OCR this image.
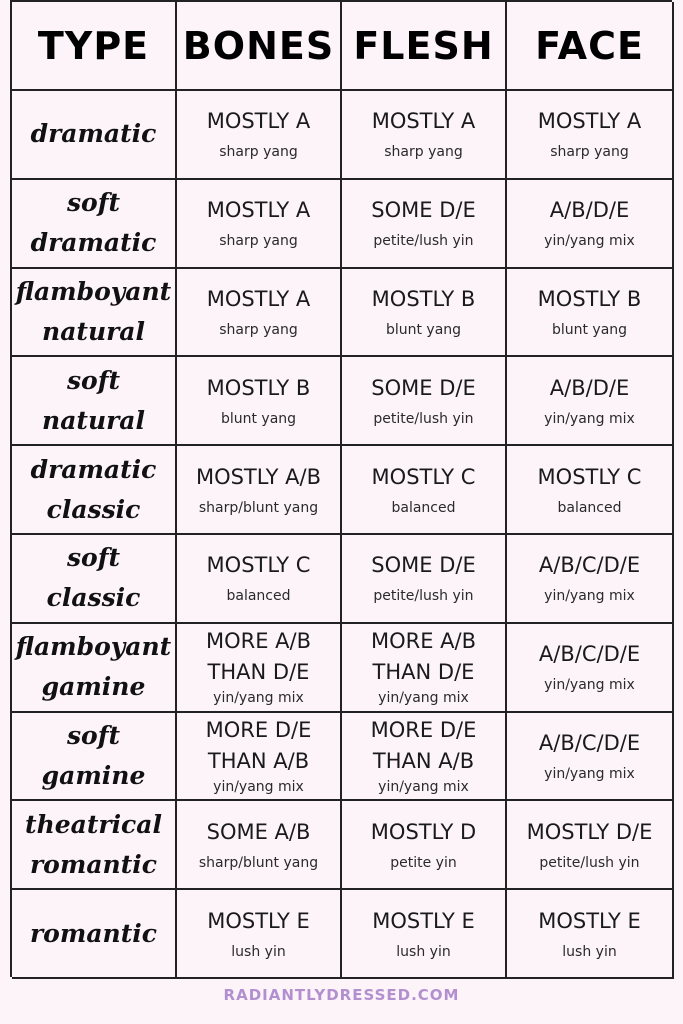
TYPE BONES FLESH	FACE
dramatic MOSTLY A
sharp yang
MOSTLY A
sharp yang
MOSTLY A
sharp yang
soft
dramatic
MOSTLY A
sharp yang
SOME D/E
petite/lush yin
A/B/D/E
yin/yang mix
flamboyant
natural
MOSTLY A
sharp yang
MOSTLY B
blunt yang
MOSTLY B
blunt yang
soft
natural
MOSTLY B
blunt yang
SOME D/E
petite/lush yin
A/B/D/E
yin/yang mix
dramatic
classic
MOSTLY A/B
sharp/blunt yang
MOSTLY C
balanced
MOSTLY C
balanced
soft
classic
MOSTLY C
balanced
SOME D/E
petite/lush yin
A/B/C/D/E
yin/yang mix
flamboyant
gamine
MORE A/B
THAN D/E
yin/yang mix
MORE A/B
THAN D/E
yin/yang mix
A/B/C/D/E
yin/yang mix
soft
gamine
MORE D/E
THAN A/B
yin/yang mix
MORE D/E
THAN A/B
yin/yang mix
A/B/C/D/E
yin/yang mix
theatrical
romantic
SOME A/B
sharp/blunt yang
MOSTLY D
petite yin
MOSTLY D/E
petite/lush yin
romantic MOSTLY E
lush yin
MOSTLY E
lush yin
MOSTLY E
lush yin
RADIANTLYDRESSED.COM
